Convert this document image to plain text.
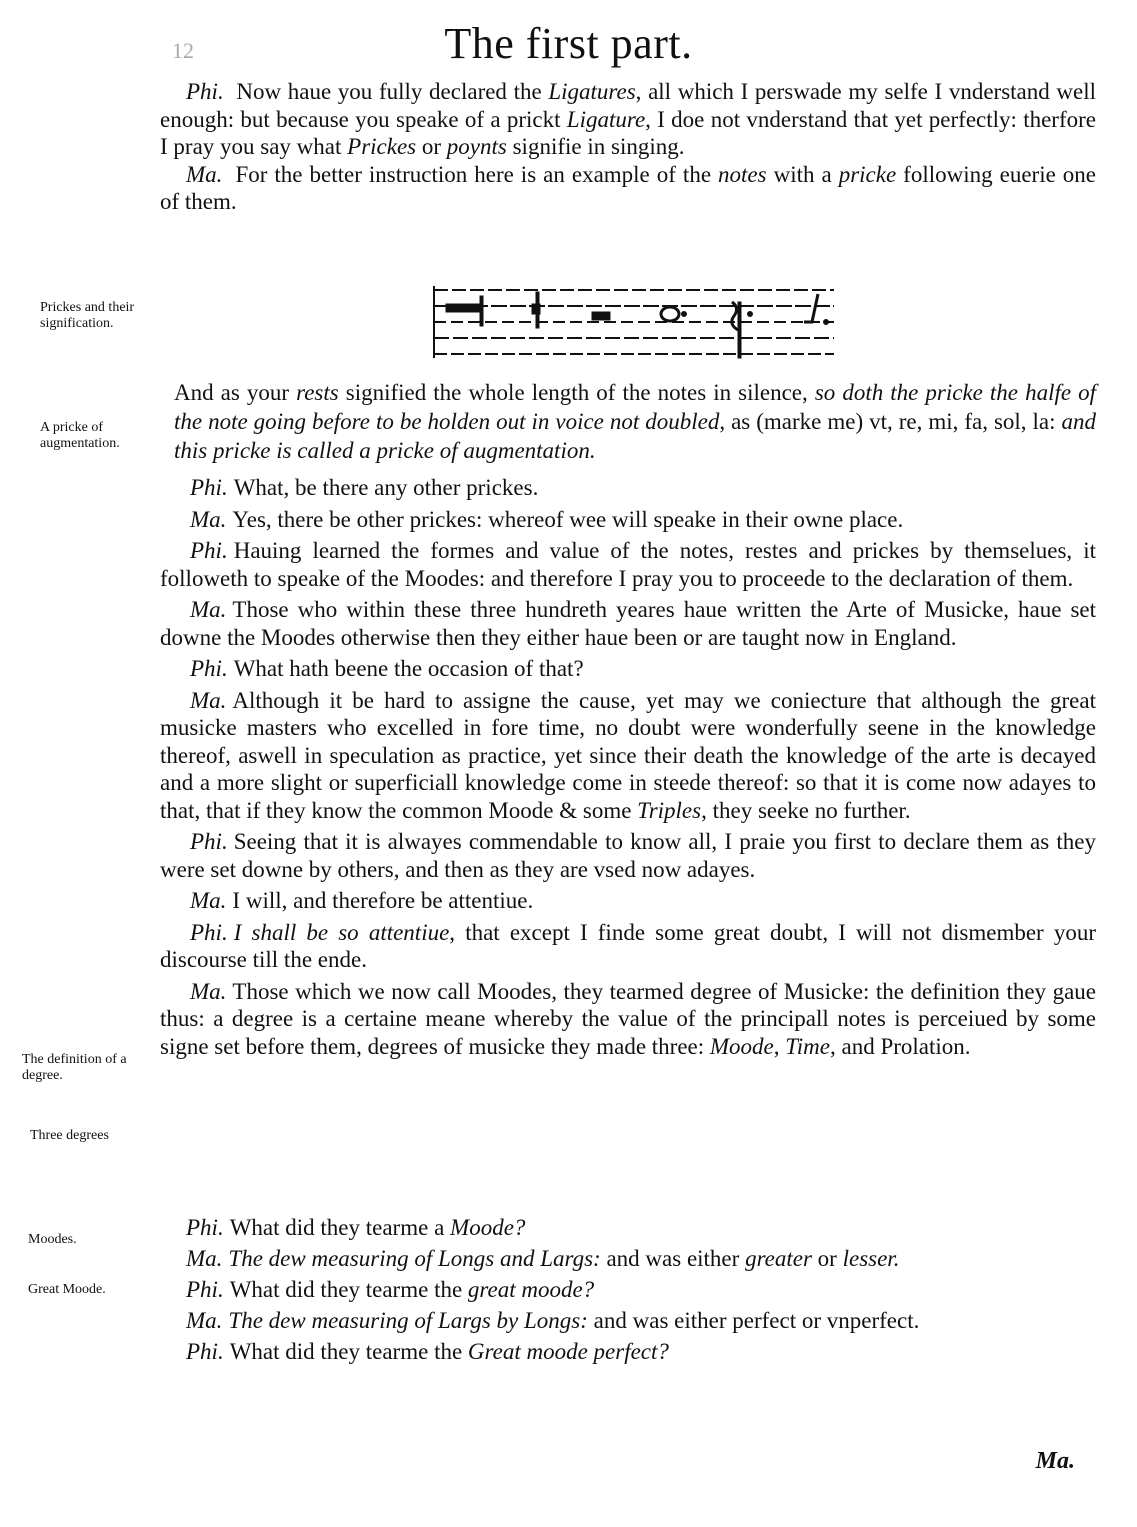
12	The first part.

Phi. Now haue you fully declared the Ligatures, all which I perswade my selfe I vnderstand well enough: but because you speake of a prickt Ligature, I doe not vnderstand that yet perfectly: therfore I pray you say what Prickes or poynts signifie in singing.

Ma. For the better instruction here is an example of the notes with a pricke following euerie one of them.

Prickes and their signification.
A pricke of augmentation.
The definition of a degree.
Three degrees
Moodes.
Great Moode.

And as your rests signified the whole length of the notes in silence, so doth the pricke the halfe of the note going before to be holden out in voice not doubled, as (marke me) vt, re, mi, fa, sol, la: and this pricke is called a pricke of augmentation.

Phi. What, be there any other prickes.

Ma. Yes, there be other prickes: whereof wee will speake in their owne place.

Phi. Hauing learned the formes and value of the notes, restes and prickes by themselues, it followeth to speake of the Moodes: and therefore I pray you to proceede to the declaration of them.

Ma. Those who within these three hundreth yeares haue written the Arte of Musicke, haue set downe the Moodes otherwise then they either haue been or are taught now in England.

Phi. What hath beene the occasion of that?

Ma. Although it be hard to assigne the cause, yet may we coniecture that although the great musicke masters who excelled in fore time, no doubt were wonderfully seene in the knowledge thereof, aswell in speculation as practice, yet since their death the knowledge of the arte is decayed and a more slight or superficiall knowledge come in steede thereof: so that it is come now adayes to that, that if they know the common Moode & some Triples, they seeke no further.

Phi. Seeing that it is alwayes commendable to know all, I praie you first to declare them as they were set downe by others, and then as they are vsed now adayes.

Ma. I will, and therefore be attentiue.

Phi. I shall be so attentiue, that except I finde some great doubt, I will not dismember your discourse till the ende.

Ma. Those which we now call Moodes, they tearmed degree of Musicke: the definition they gaue thus: a degree is a certaine meane whereby the value of the principall notes is perceiued by some signe set before them, degrees of musicke they made three: Moode, Time, and Prolation.

Phi. What did they tearme a Moode?

Ma. The dew measuring of Longs and Largs: and was either greater or lesser.

Phi. What did they tearme the great moode?

Ma. The dew measuring of Largs by Longs: and was either perfect or vnperfect.

Phi. What did they tearme the Great moode perfect?

Ma.
